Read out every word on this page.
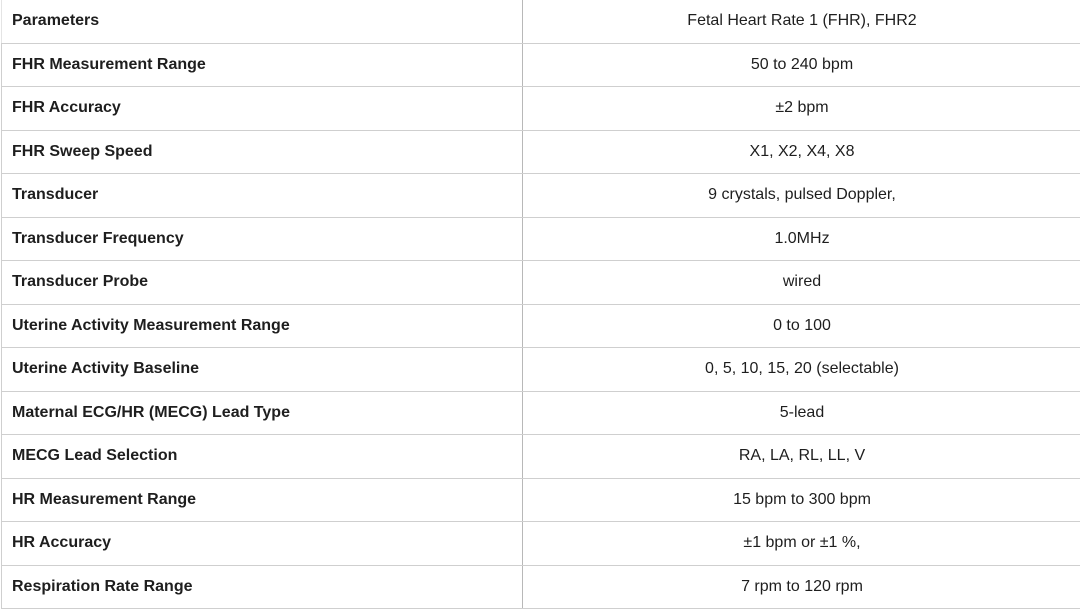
Parameters	Fetal Heart Rate 1 (FHR), FHR2
FHR Measurement Range	50 to 240 bpm
FHR Accuracy	±2 bpm
FHR Sweep Speed	X1, X2, X4, X8
Transducer	9 crystals, pulsed Doppler,
Transducer Frequency	1.0MHz
Transducer Probe	wired
Uterine Activity Measurement Range	0 to 100
Uterine Activity Baseline	0, 5, 10, 15, 20 (selectable)
Maternal ECG/HR (MECG) Lead Type	5-lead
MECG Lead Selection	RA, LA, RL, LL, V
HR Measurement Range	15 bpm to 300 bpm
HR Accuracy	±1 bpm or ±1 %,
Respiration Rate Range	7 rpm to 120 rpm
